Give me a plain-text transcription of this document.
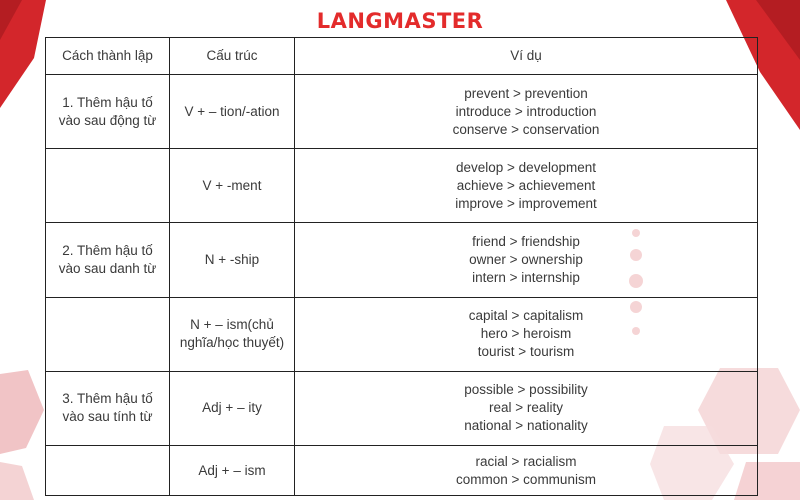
LANGMASTER
Cách thành lập	Cấu trúc	Ví dụ
1. Thêm hậu tố vào sau động từ	V + – tion/-ation	prevent > prevention
introduce > introduction
conserve > conservation

	V + -ment	develop > development
achieve > achievement
improve > improvement

2. Thêm hậu tố vào sau danh từ	N + -ship	friend > friendship
owner > ownership
intern > internship

	N + – ism(chủ nghĩa/học thuyết)	capital > capitalism
hero > heroism
tourist > tourism

3. Thêm hậu tố vào sau tính từ	Adj + – ity	possible > possibility
real > reality
national > nationality

	Adj + – ism	racial > racialism
common > communism
